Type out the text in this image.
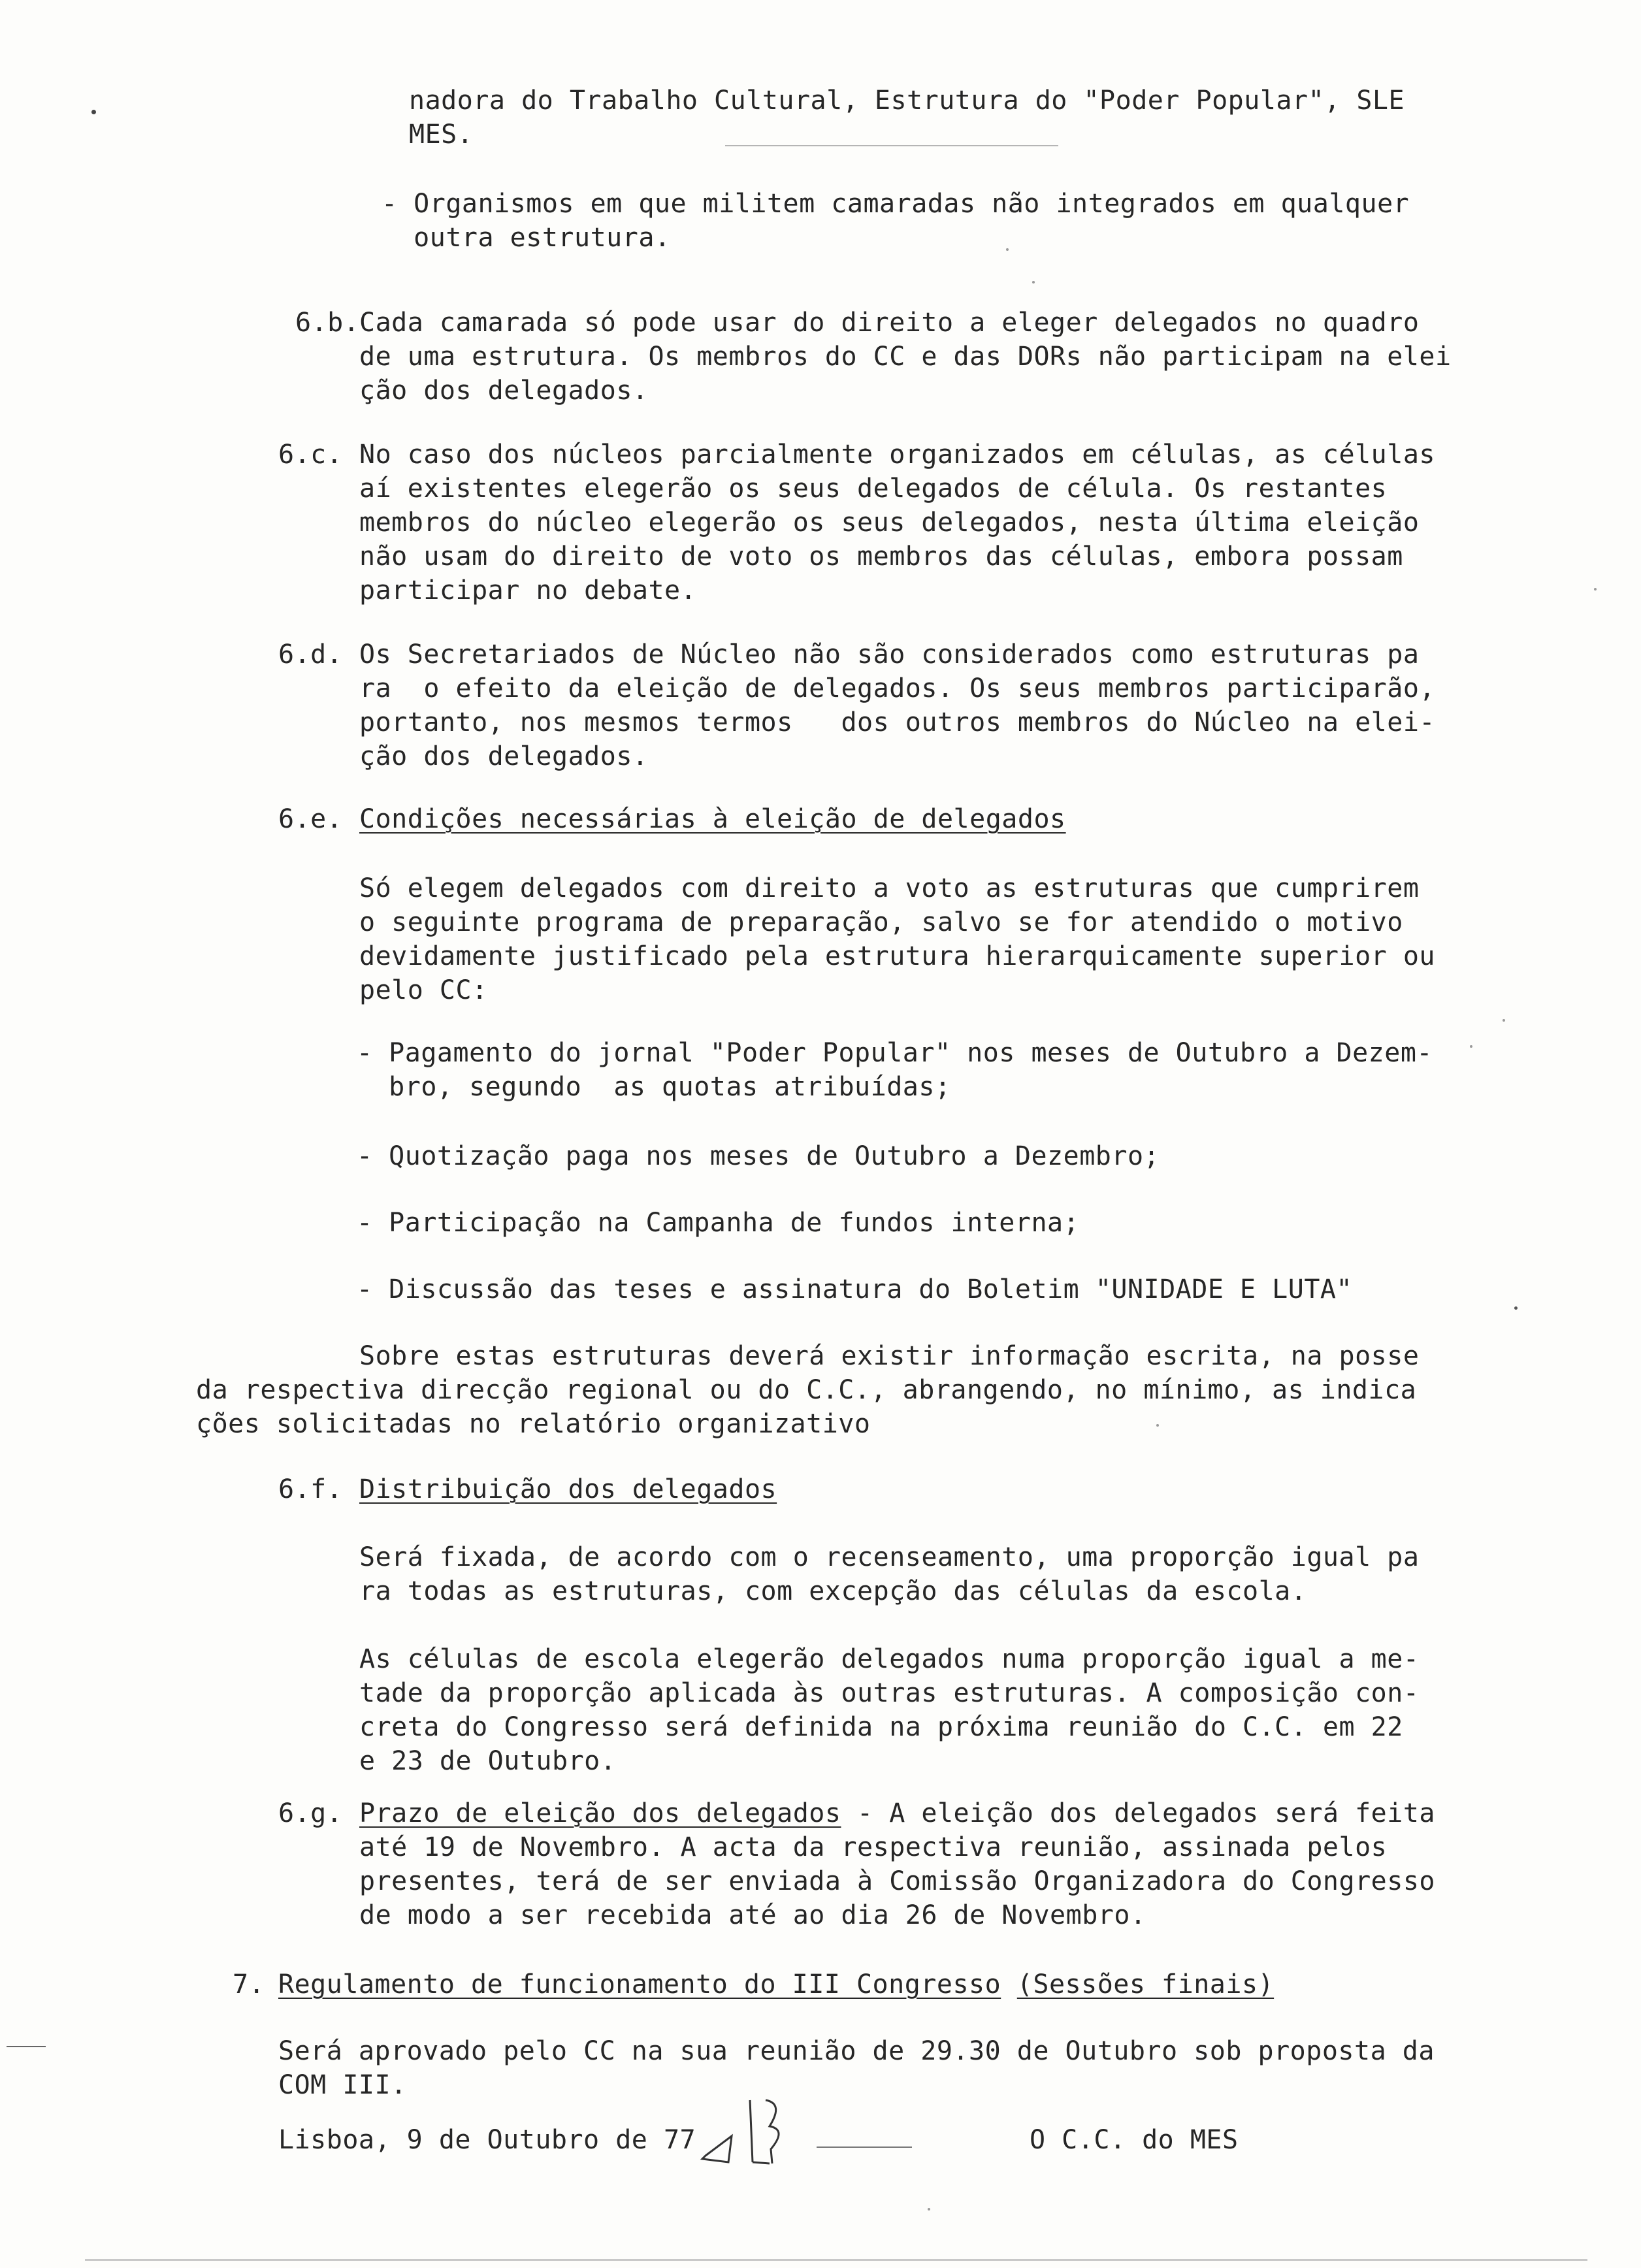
nadora do Trabalho Cultural, Estrutura do "Poder Popular", SLE
MES.
- Organismos em que militem camaradas não integrados em qualquer
outra estrutura.
6.b. Cada camarada só pode usar do direito a eleger delegados no quadro
de uma estrutura. Os membros do CC e das DORs não participam na elei
ção dos delegados.
6.c. No caso dos núcleos parcialmente organizados em células, as células
aí existentes elegerão os seus delegados de célula. Os restantes
membros do núcleo elegerão os seus delegados, nesta última eleição
não usam do direito de voto os membros das células, embora possam
participar no debate.
6.d. Os Secretariados de Núcleo não são considerados como estruturas pa
ra  o efeito da eleição de delegados. Os seus membros participarão,
portanto, nos mesmos termos   dos outros membros do Núcleo na elei-
ção dos delegados.
6.e. Condições necessárias à eleição de delegados
Só elegem delegados com direito a voto as estruturas que cumprirem
o seguinte programa de preparação, salvo se for atendido o motivo
devidamente justificado pela estrutura hierarquicamente superior ou
pelo CC:
- Pagamento do jornal "Poder Popular" nos meses de Outubro a Dezem-
bro, segundo  as quotas atribuídas;
- Quotização paga nos meses de Outubro a Dezembro;
- Participação na Campanha de fundos interna;
- Discussão das teses e assinatura do Boletim "UNIDADE E LUTA"
Sobre estas estruturas deverá existir informação escrita, na posse
da respectiva direcção regional ou do C.C., abrangendo, no mínimo, as indica
ções solicitadas no relatório organizativo
6.f. Distribuição dos delegados
Será fixada, de acordo com o recenseamento, uma proporção igual pa
ra todas as estruturas, com excepção das células da escola.
As células de escola elegerão delegados numa proporção igual a me-
tade da proporção aplicada às outras estruturas. A composição con-
creta do Congresso será definida na próxima reunião do C.C. em 22
e 23 de Outubro.
6.g. Prazo de eleição dos delegados - A eleição dos delegados será feita
até 19 de Novembro. A acta da respectiva reunião, assinada pelos
presentes, terá de ser enviada à Comissão Organizadora do Congresso
de modo a ser recebida até ao dia 26 de Novembro.
7. Regulamento de funcionamento do III Congresso (Sessões finais)
Será aprovado pelo CC na sua reunião de 29.30 de Outubro sob proposta da
COM III.
Lisboa, 9 de Outubro de 77	O C.C. do MES
